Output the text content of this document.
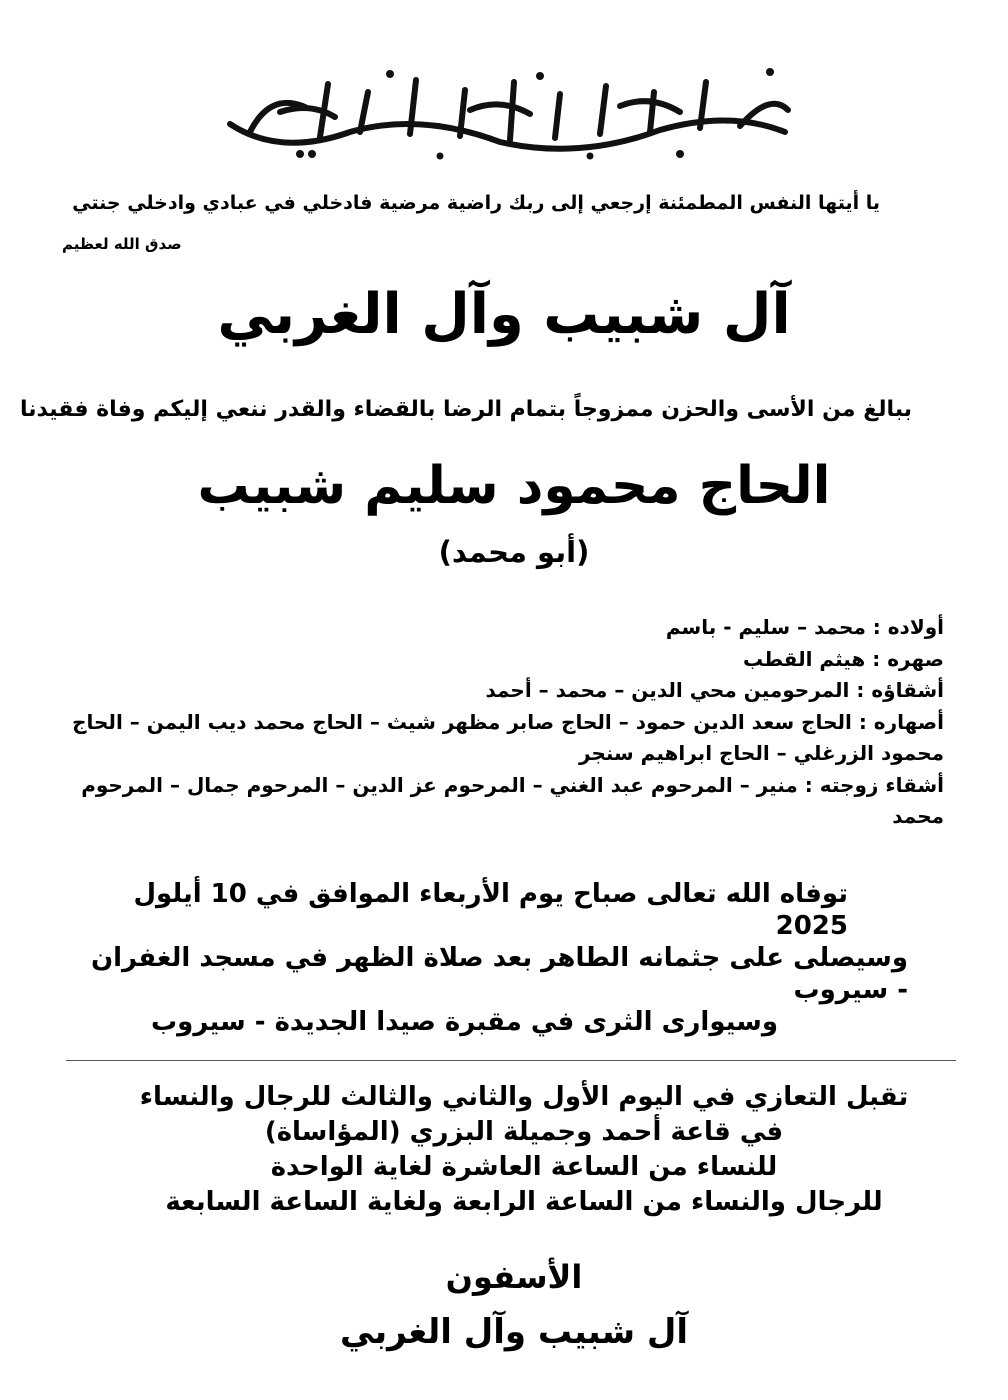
يا أيتها النفس المطمئنة إرجعي إلى ربك راضية مرضية فادخلي في عبادي وادخلي جنتي
صدق الله لعظيم
آل شبيب وآل الغربي
ببالغ من الأسى والحزن ممزوجاً بتمام الرضا بالقضاء والقدر ننعي إليكم وفاة فقيدنا
الحاج محمود سليم شبيب
(أبو محمد)

أولاده : محمد – سليم - باسم

صهره : هيثم القطب

أشقاؤه : المرحومين محي الدين – محمد – أحمد

أصهاره : الحاج سعد الدين حمود – الحاج صابر مظهر شيث – الحاج محمد ديب اليمن – الحاج محمود الزرغلي – الحاج ابراهيم سنجر

أشقاء زوجته : منير – المرحوم عبد الغني – المرحوم عز الدين – المرحوم جمال – المرحوم محمد

توفاه الله تعالى صباح يوم الأربعاء الموافق في 10 أيلول 2025

وسيصلى على جثمانه الطاهر بعد صلاة الظهر في مسجد الغفران - سيروب

وسيوارى الثرى في مقبرة صيدا الجديدة - سيروب

تقبل التعازي في اليوم الأول والثاني والثالث للرجال والنساء

في قاعة أحمد وجميلة البزري (المؤاساة)

للنساء من الساعة العاشرة لغاية الواحدة

للرجال والنساء من الساعة الرابعة ولغاية الساعة السابعة

الأسفون
آل شبيب وآل الغربي
